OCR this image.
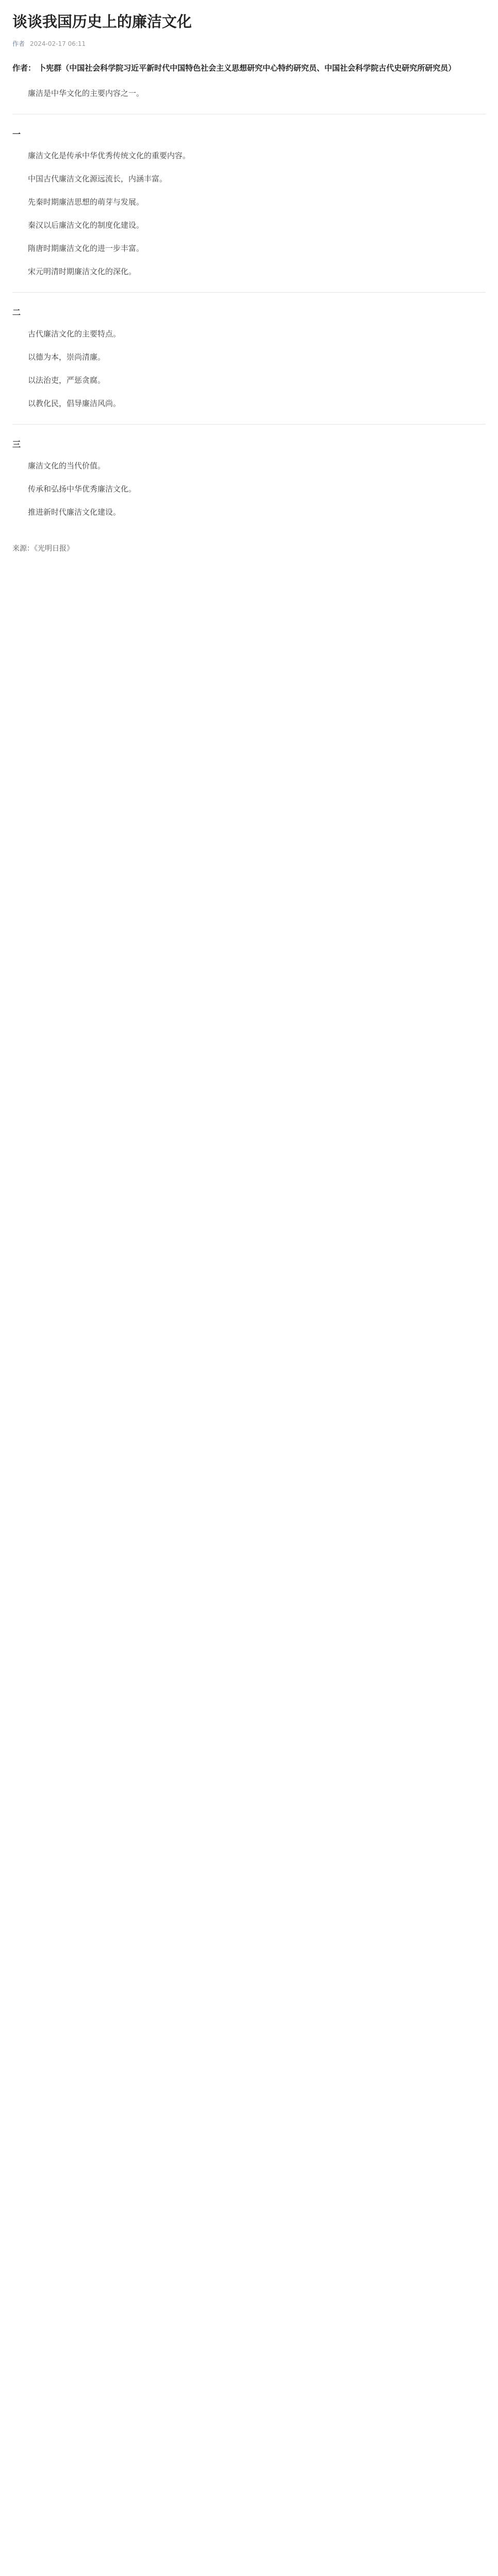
谈谈我国历史上的廉洁文化
作者 2024-02-17 06:11
作者： 卜宪群（中国社会科学院习近平新时代中国特色社会主义思想研究中心特约研究员、中国社会科学院古代史研究所研究员）

廉洁是中华文化的主要内容之一。

一

廉洁文化是传承中华优秀传统文化的重要内容。

中国古代廉洁文化源远流长，内涵丰富。

先秦时期廉洁思想的萌芽与发展。

秦汉以后廉洁文化的制度化建设。

隋唐时期廉洁文化的进一步丰富。

宋元明清时期廉洁文化的深化。

二

古代廉洁文化的主要特点。

以德为本，崇尚清廉。

以法治吏，严惩贪腐。

以教化民，倡导廉洁风尚。

三

廉洁文化的当代价值。

传承和弘扬中华优秀廉洁文化。

推进新时代廉洁文化建设。

来源：《光明日报》
